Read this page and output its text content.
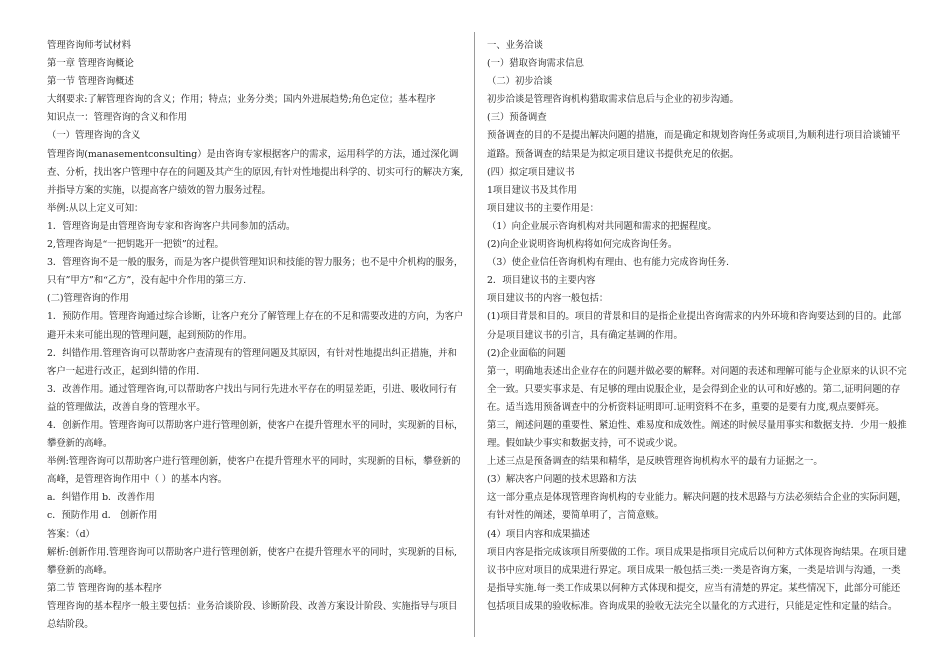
管理咨询师考试材料
第一章 管理咨询概论
第一节 管理咨询概述
大纲要求:了解管理咨询的含义；作用；特点；业务分类；国内外进展趋势;角色定位；基本程序
知识点一：管理咨询的含义和作用
（一）管理咨询的含义
管理咨询(manasementconsulting）是由咨询专家根据客户的需求，运用科学的方法，通过深化调查、分析，找出客户管理中存在的问题及其产生的原因,有针对性地提出科学的、切实可行的解决方案,并指导方案的实施，以提高客户绩效的智力服务过程。
举例:从以上定义可知：
1．管理咨询是由管理咨询专家和咨询客户共同参加的活动。
2,管理咨询是“一把钥匙开一把锁”的过程。
3．管理咨询不是一般的服务，而是为客户提供管理知识和技能的智力服务；也不是中介机构的服务，只有”甲方”和“乙方”，没有起中介作用的第三方.
(二)管理咨询的作用
1．预防作用。管理咨询通过综合诊断，让客户充分了解管理上存在的不足和需要改进的方向，为客户避开未来可能出现的管理问题，起到预防的作用。
2．纠错作用.管理咨询可以帮助客户查清现有的管理问题及其原因，有针对性地提出纠正措施，并和客户一起进行改正，起到纠错的作用.
3．改善作用。通过管理咨询,可以帮助客户找出与同行先进水平存在的明显差距，引进、吸收同行有益的管理做法，改善自身的管理水平。
4．创新作用。管理咨询可以帮助客户进行管理创新，使客户在提升管理水平的同时，实现新的目标，攀登新的高峰。
举例:管理咨询可以帮助客户进行管理创新，使客户在提升管理水平的同时，实现新的目标，攀登新的高峰，是管理咨询作用中（ ）的基本内容。
a．纠错作用 b．改善作用
c．预防作用 d． 创新作用
答案：（d）
解析:创新作用.管理咨询可以帮助客户进行管理创新，使客户在提升管理水平的同时，实现新的目标,攀登新的高峰。
第二节 管理咨询的基本程序
管理咨询的基本程序一般主要包括：业务洽谈阶段、诊断阶段、改善方案设计阶段、实施指导与项目总结阶段。
一、业务洽谈
(一）猎取咨询需求信息
（二）初步洽谈
初步洽谈是管理咨询机构猎取需求信息后与企业的初步沟通。
(三）预备调查
预备调查的目的不是提出解决问题的措施，而是确定和规划咨询任务或项目,为顺利进行项目洽谈铺平道路。预备调查的结果是为拟定项目建议书提供充足的依据。
(四）拟定项目建议书
1项目建议书及其作用
项目建议书的主要作用是：
（1）向企业展示咨询机构对共同题和需求的把握程度。
(2)向企业说明咨询机构将如何完成咨询任务。
（3）使企业信任咨询机构有理由、也有能力完成咨询任务.
2．项目建议书的主要内容
项目建议书的内容一般包括：
(1)项目背景和目的。项目的背景和目的是指企业提出咨询需求的内外环境和咨询要达到的目的。此部分是项目建议书的引言，具有确定基调的作用。
(2)企业面临的问题
第一，明确地表述出企业存在的问题并做必要的解释。对问题的表述和理解可能与企业原来的认识不完全一致。只要实事求是、有足够的理由说服企业，是会得到企业的认可和好感的。第二,证明问题的存在。适当选用预备调查中的分析资料证明即可.证明资料不在多，重要的是要有力度,观点要鲜亮。
第三，阐述问题的重要性、紧迫性、难易度和成效性。阐述的时候尽量用事实和数据支持．少用一般推理。假如缺少事实和数据支持，可不说或少说。
上述三点是预备调查的结果和精华，是反映管理咨询机构水平的最有力证据之一。
(3）解决客户问题的技术思路和方法
这一部分重点是体现管理咨询机构的专业能力。解决问题的技术思路与方法必须结合企业的实际问题，有针对性的阐述，要简单明了，言简意赅。
(4）项目内容和成果描述
项目内容是指完成该项目所要做的工作。项目成果是指项目完成后以何种方式体现咨询结果。在项目建议书中应对项目的成果进行界定。项目成果一般包括三类:一类是咨询方案，一类是培训与沟通，一类是指导实施.每一类工作成果以何种方式体现和提交，应当有清楚的界定。某些情况下，此部分可能还包括项目成果的验收标准。咨询成果的验收无法完全以量化的方式进行，只能是定性和定量的结合。
